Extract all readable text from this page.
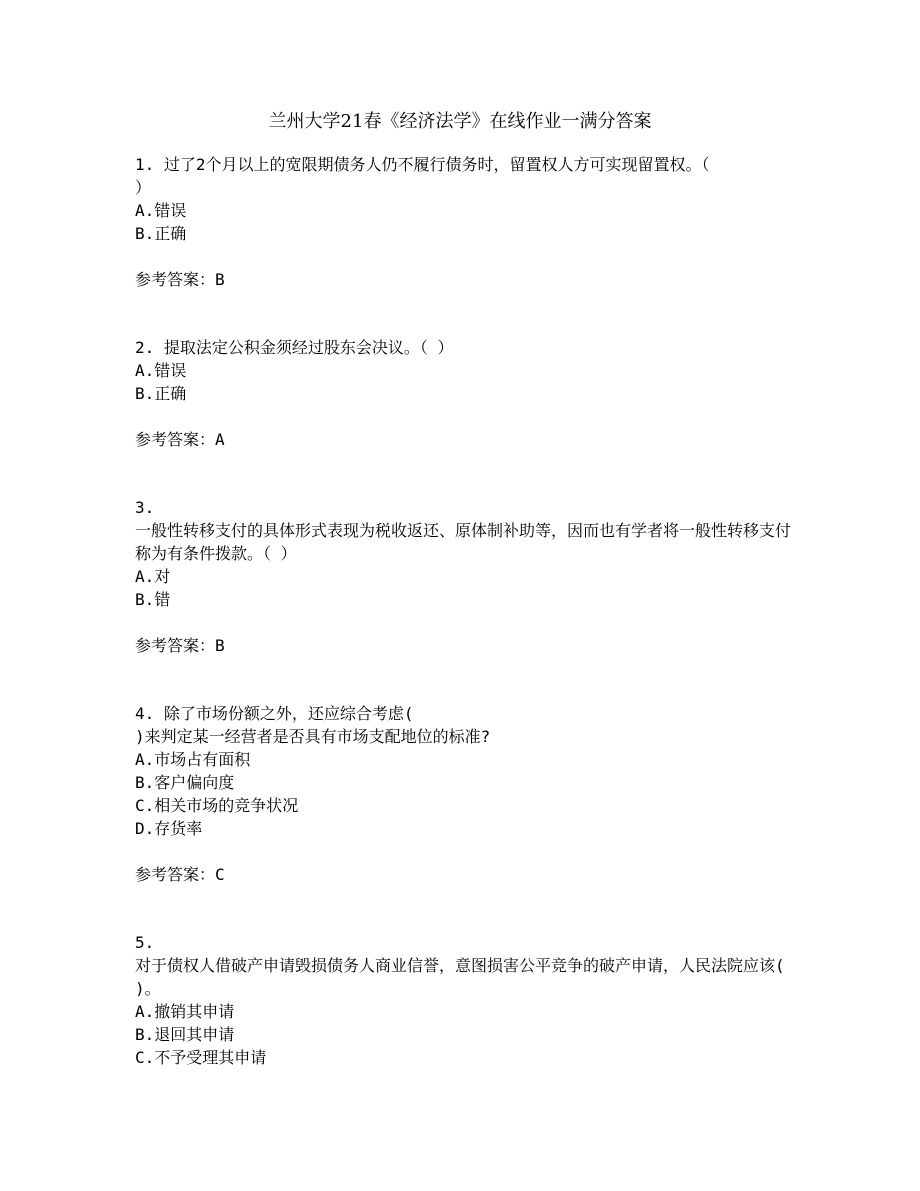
兰州大学21春《经济法学》在线作业一满分答案
1. 过了2个月以上的宽限期债务人仍不履行债务时，留置权人方可实现留置权。（
）
A.错误
B.正确
参考答案：B
2. 提取法定公积金须经过股东会决议。（ ）
A.错误
B.正确
参考答案：A
3.
一般性转移支付的具体形式表现为税收返还、原体制补助等，因而也有学者将一般性转移支付称为有条件拨款。（ ）
A.对
B.错
参考答案：B
4. 除了市场份额之外，还应综合考虑(
)来判定某一经营者是否具有市场支配地位的标准?
A.市场占有面积
B.客户偏向度
C.相关市场的竞争状况
D.存货率
参考答案：C
5.
对于债权人借破产申请毁损债务人商业信誉，意图损害公平竞争的破产申请，人民法院应该( )。
A.撤销其申请
B.退回其申请
C.不予受理其申请
